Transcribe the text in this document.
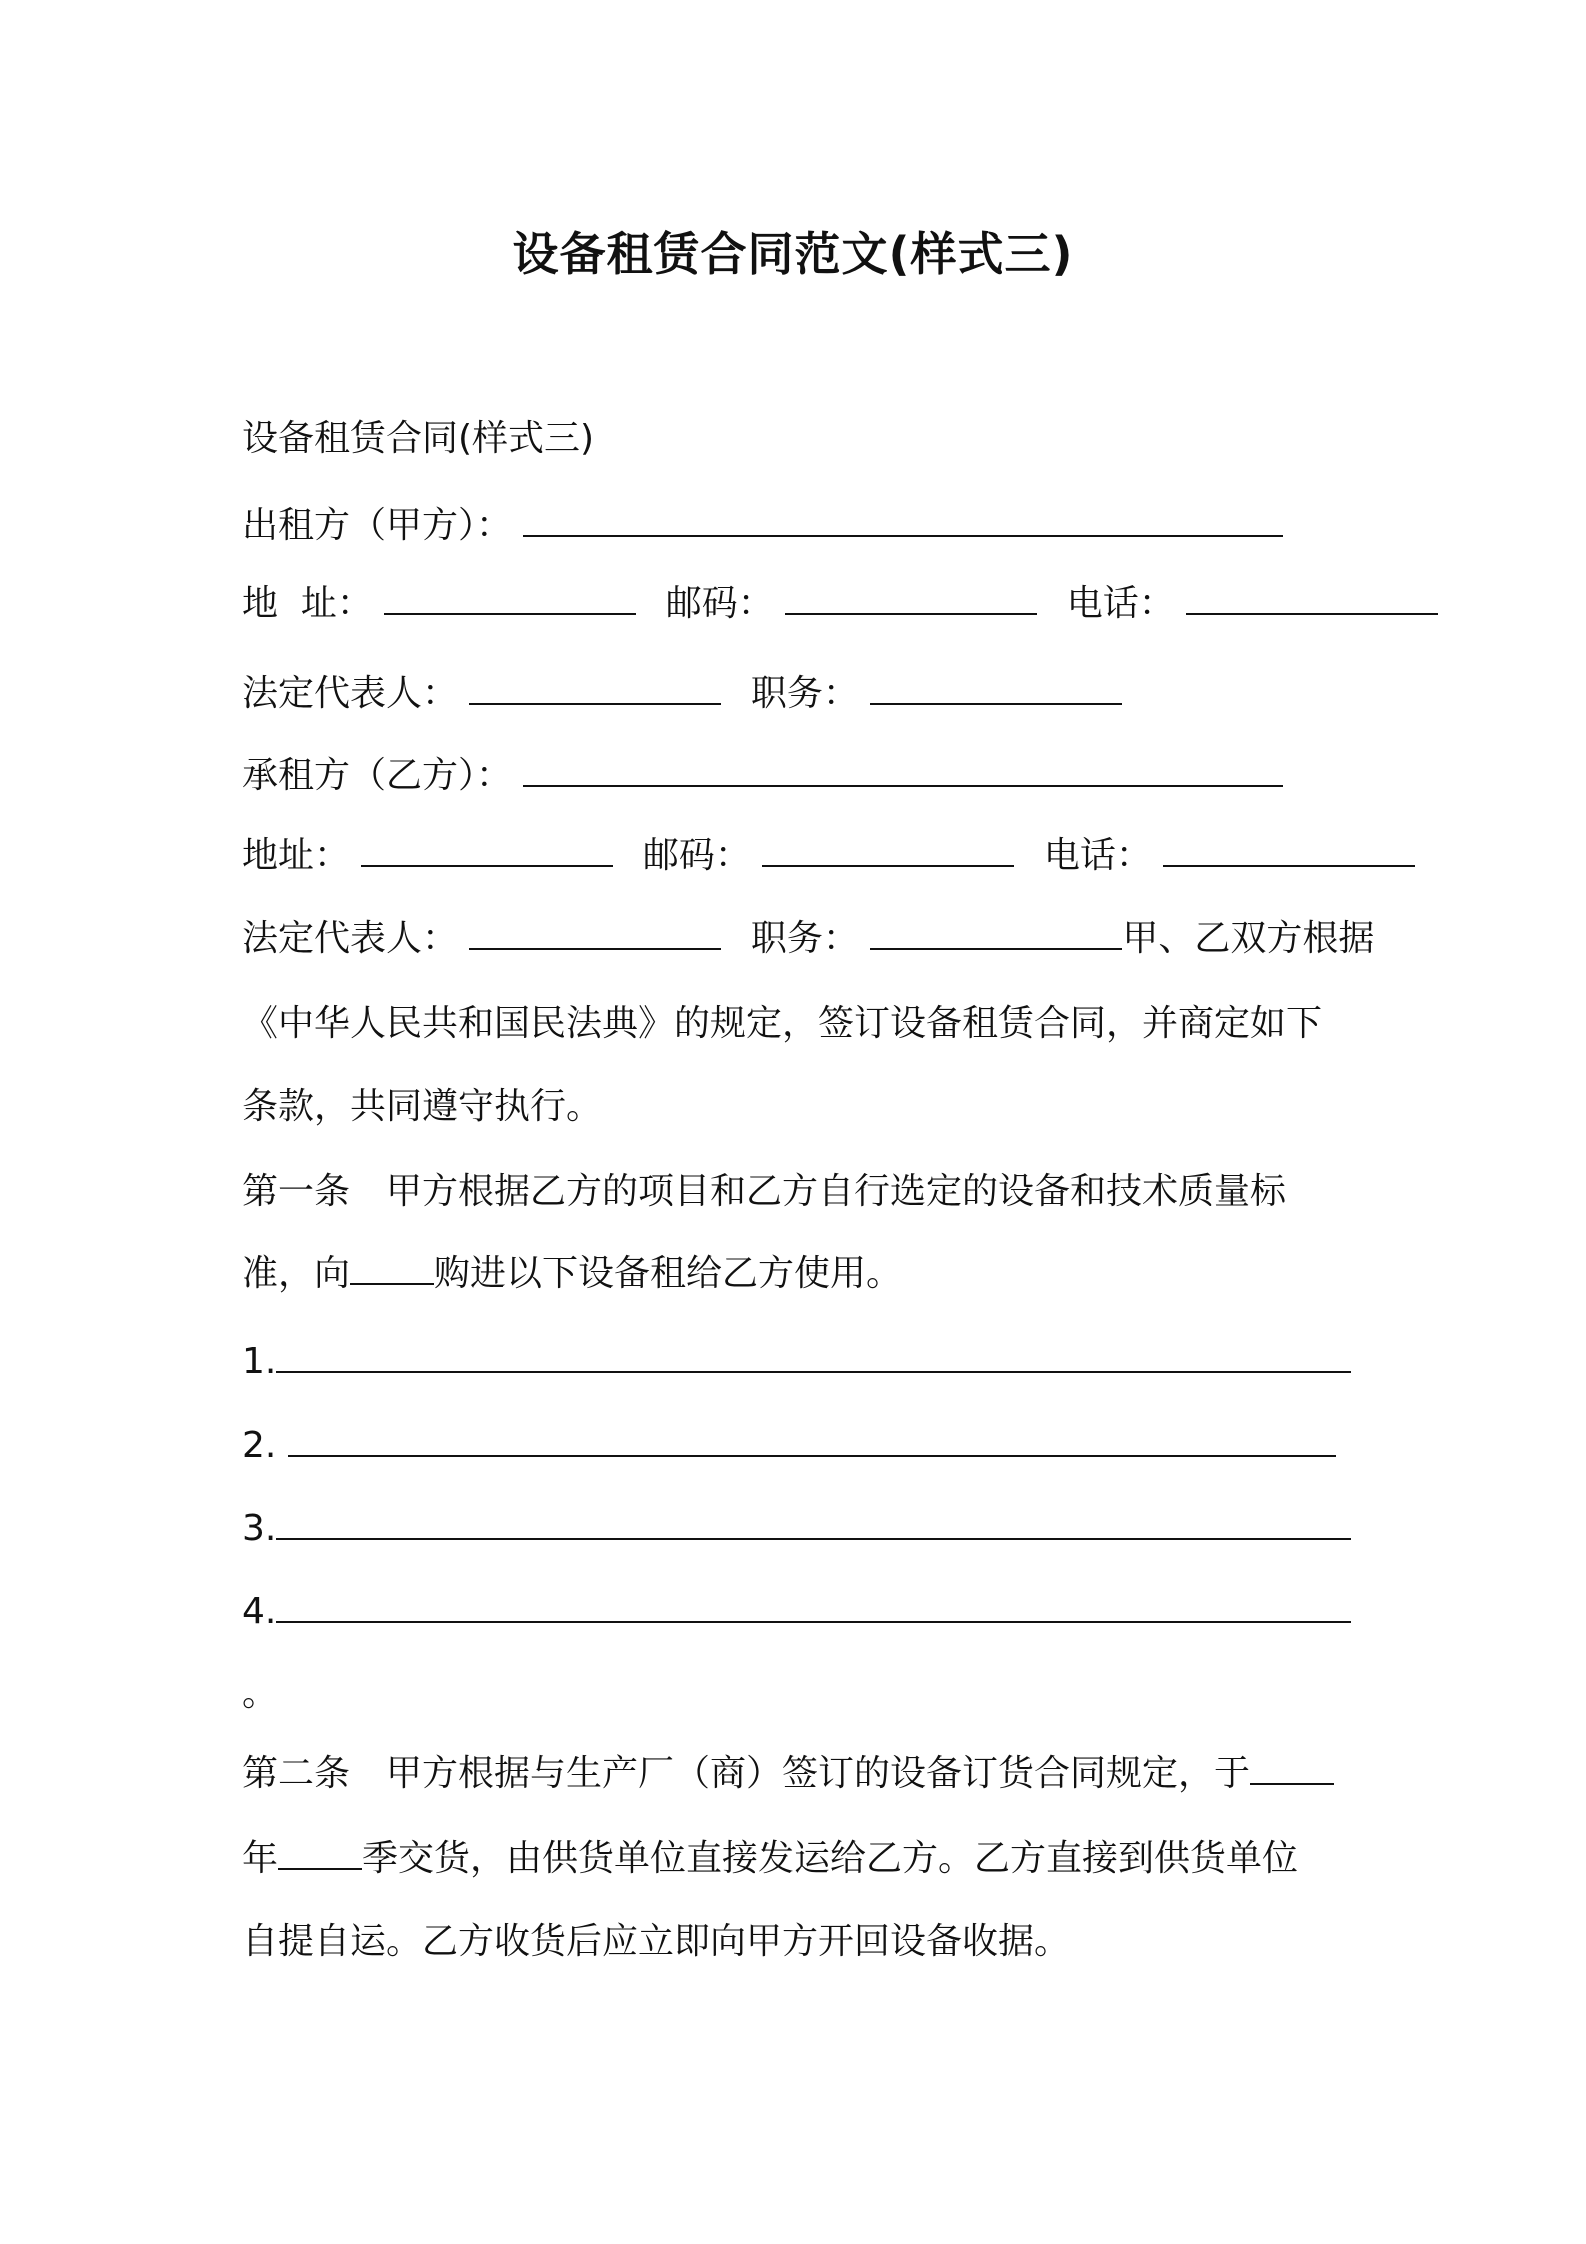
设备租赁合同范文(样式三)
设备租赁合同(样式三)
出租方（甲方）：
地  址：	邮码：	电话：
法定代表人：	职务：
承租方（乙方）：
地址：	邮码：	电话：
法定代表人：	职务：	甲、乙双方根据
《中华人民共和国民法典》的规定，签订设备租赁合同，并商定如下
条款，共同遵守执行。
第一条　甲方根据乙方的项目和乙方自行选定的设备和技术质量标
准，向 购进以下设备租给乙方使用。
1.
2.
3.
4.
。
第二条　甲方根据与生产厂（商）签订的设备订货合同规定，于
年 季交货，由供货单位直接发运给乙方。乙方直接到供货单位
自提自运。乙方收货后应立即向甲方开回设备收据。
